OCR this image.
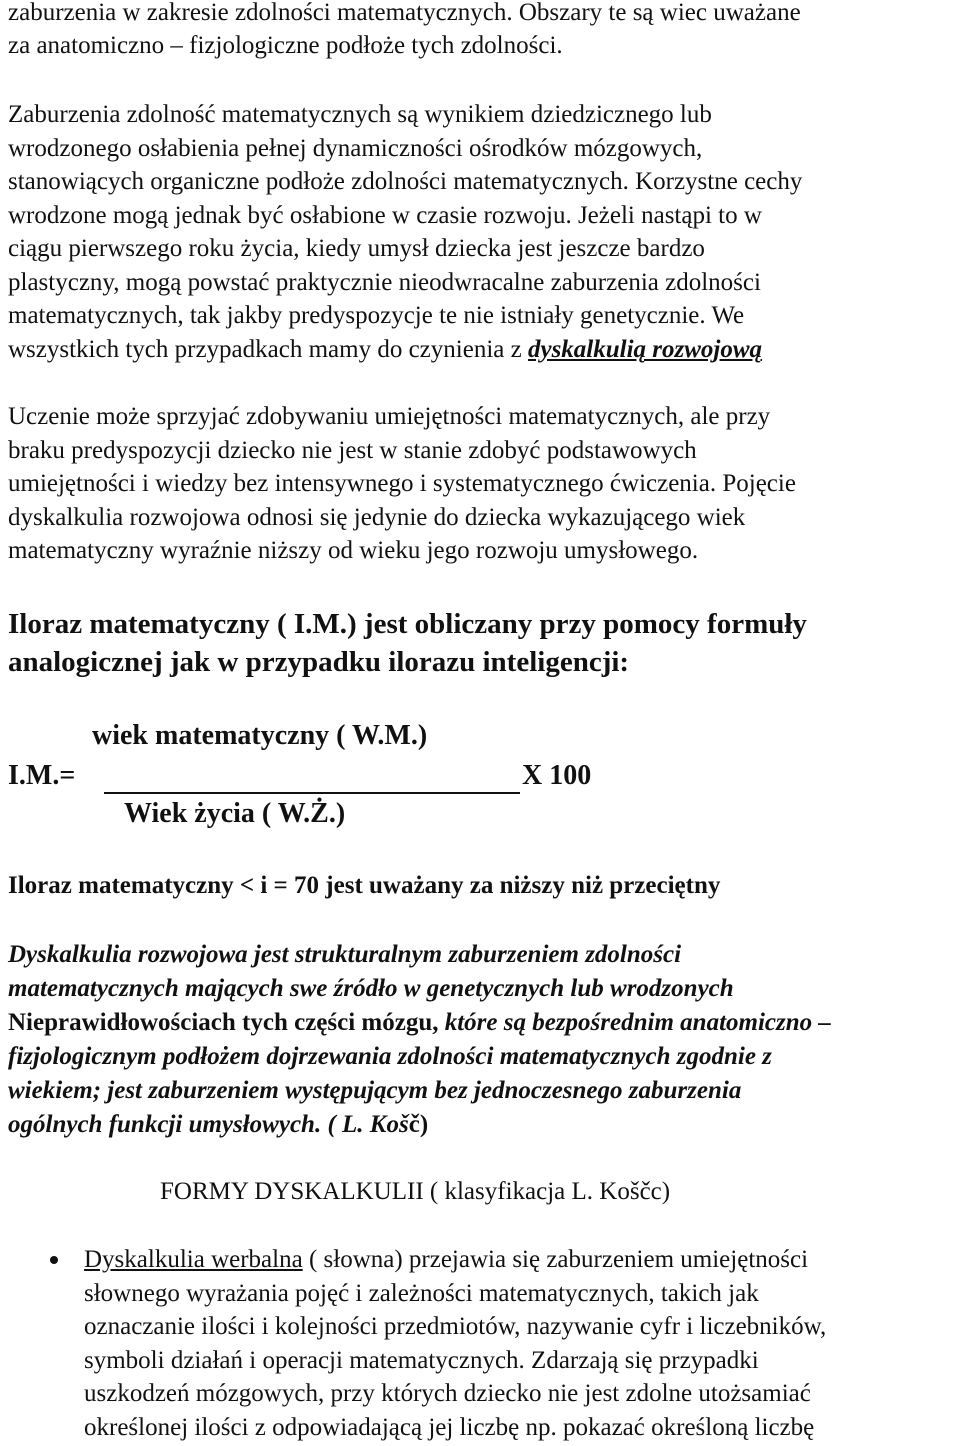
zaburzenia w zakresie zdolności matematycznych. Obszary te są wiec uważane
za anatomiczno – fizjologiczne podłoże tych zdolności.
Zaburzenia zdolność matematycznych są wynikiem dziedzicznego lub
wrodzonego osłabienia pełnej dynamiczności ośrodków mózgowych,
stanowiących organiczne podłoże zdolności matematycznych. Korzystne cechy
wrodzone mogą jednak być osłabione w czasie rozwoju. Jeżeli nastąpi to w
ciągu pierwszego roku życia, kiedy umysł dziecka jest jeszcze bardzo
plastyczny, mogą powstać praktycznie nieodwracalne zaburzenia zdolności
matematycznych, tak jakby predyspozycje te nie istniały genetycznie. We
wszystkich tych przypadkach mamy do czynienia z dyskalkulią rozwojową
Uczenie może sprzyjać zdobywaniu umiejętności matematycznych, ale przy
braku predyspozycji dziecko nie jest w stanie zdobyć podstawowych
umiejętności i wiedzy bez intensywnego i systematycznego ćwiczenia. Pojęcie
dyskalkulia rozwojowa odnosi się jedynie do dziecka wykazującego wiek
matematyczny wyraźnie niższy od wieku jego rozwoju umysłowego.
Iloraz matematyczny ( I.M.) jest obliczany przy pomocy formuły
analogicznej jak w przypadku ilorazu inteligencji:
wiek matematyczny ( W.M.)
I.M.=	X 100
Wiek życia ( W.Ż.)
Iloraz matematyczny < i = 70 jest uważany za niższy niż przeciętny
Dyskalkulia rozwojowa jest strukturalnym zaburzeniem zdolności
matematycznych mających swe źródło w genetycznych lub wrodzonych
Nieprawidłowościach tych części mózgu, które są bezpośrednim anatomiczno –
fizjologicznym podłożem dojrzewania zdolności matematycznych zgodnie z
wiekiem; jest zaburzeniem występującym bez jednoczesnego zaburzenia
ogólnych funkcji umysłowych. ( L. Košč)
FORMY DYSKALKULII ( klasyfikacja L. Koščc)
Dyskalkulia werbalna ( słowna) przejawia się zaburzeniem umiejętności
słownego wyrażania pojęć i zależności matematycznych, takich jak
oznaczanie ilości i kolejności przedmiotów, nazywanie cyfr i liczebników,
symboli działań i operacji matematycznych. Zdarzają się przypadki
uszkodzeń mózgowych, przy których dziecko nie jest zdolne utożsamiać
określonej ilości z odpowiadającą jej liczbę np. pokazać określoną liczbę
